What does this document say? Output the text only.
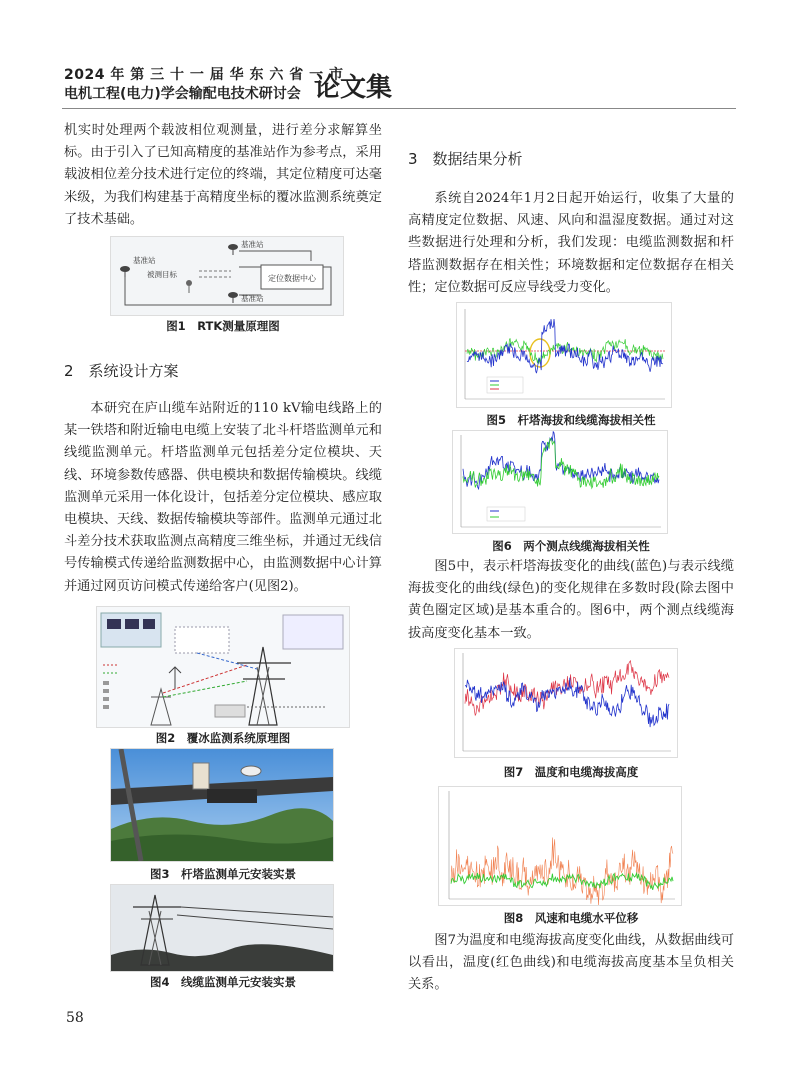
2024 年 第 三 十 一 届 华 东 六 省 一 市
电机工程(电力)学会输配电技术研讨会 论文集

机实时处理两个载波相位观测量，进行差分求解算坐标。由于引入了已知高精度的基准站作为参考点，采用载波相位差分技术进行定位的终端，其定位精度可达毫米级，为我们构建基于高精度坐标的覆冰监测系统奠定了技术基础。

定位数据中心
基准站
基准站
基准站
被测目标
图1　RTK测量原理图
2　系统设计方案

本研究在庐山缆车站附近的110 kV输电线路上的某一铁塔和附近输电电缆上安装了北斗杆塔监测单元和线缆监测单元。杆塔监测单元包括差分定位模块、天线、环境参数传感器、供电模块和数据传输模块。线缆监测单元采用一体化设计，包括差分定位模块、感应取电模块、天线、数据传输模块等部件。监测单元通过北斗差分技术获取监测点高精度三维坐标，并通过无线信号传输模式传递给监测数据中心，由监测数据中心计算并通过网页访问模式传递给客户(见图2)。

图2　覆冰监测系统原理图
图3　杆塔监测单元安装实景
图4　线缆监测单元安装实景
58
3　数据结果分析

系统自2024年1月2日起开始运行，收集了大量的高精度定位数据、风速、风向和温湿度数据。通过对这些数据进行处理和分析，我们发现：电缆监测数据和杆塔监测数据存在相关性；环境数据和定位数据存在相关性；定位数据可反应导线受力变化。

图5　杆塔海拔和线缆海拔相关性
图6　两个测点线缆海拔相关性

图5中，表示杆塔海拔变化的曲线(蓝色)与表示线缆海拔变化的曲线(绿色)的变化规律在多数时段(除去图中黄色圈定区域)是基本重合的。图6中，两个测点线缆海拔高度变化基本一致。

图7　温度和电缆海拔高度
图8　风速和电缆水平位移

图7为温度和电缆海拔高度变化曲线，从数据曲线可以看出，温度(红色曲线)和电缆海拔高度基本呈负相关关系。
